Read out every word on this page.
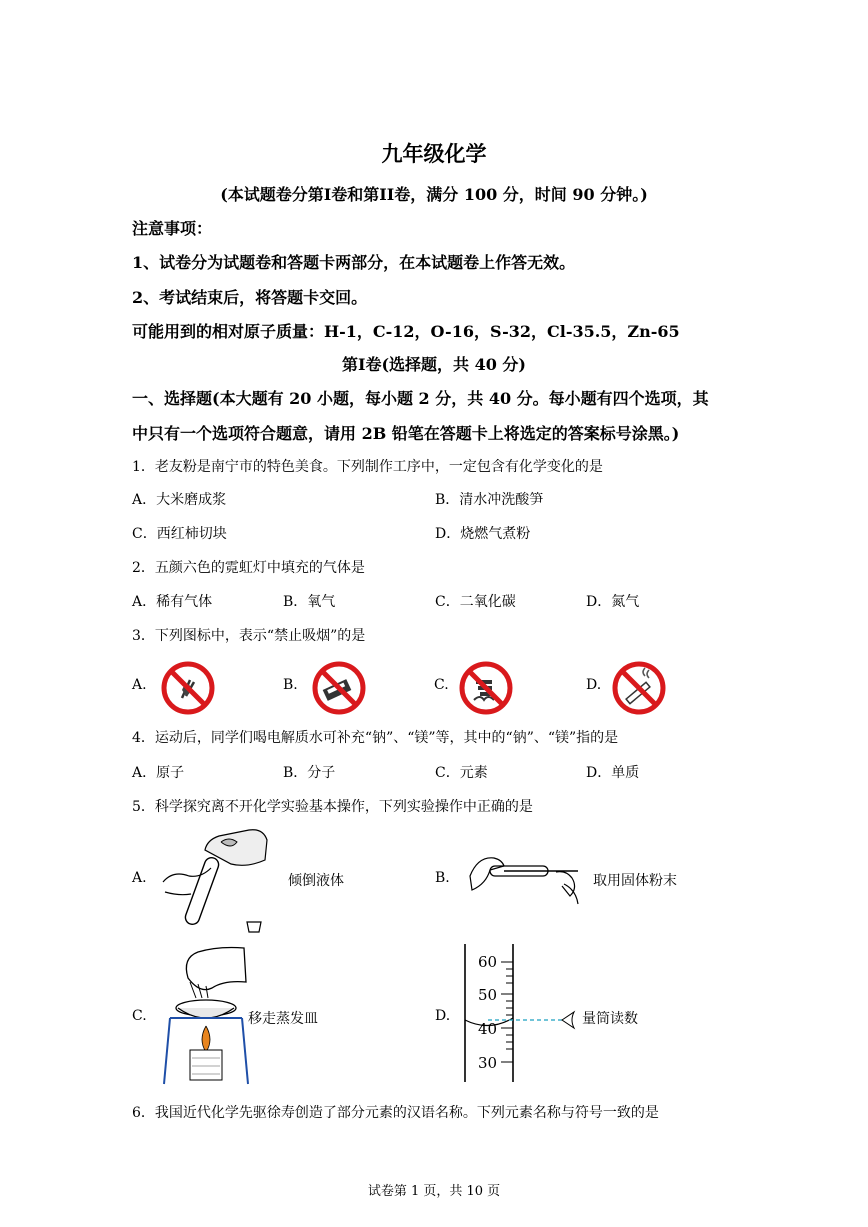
九年级化学
(本试题卷分第I卷和第II卷，满分 100 分，时间 90 分钟。)
注意事项：
1、试卷分为试题卷和答题卡两部分，在本试题卷上作答无效。
2、考试结束后，将答题卡交回。
可能用到的相对原子质量：H-1，C-12，O-16，S-32，Cl-35.5，Zn-65
第I卷(选择题，共 40 分)
一、选择题(本大题有 20 小题，每小题 2 分，共 40 分。每小题有四个选项，其
中只有一个选项符合题意，请用 2B 铅笔在答题卡上将选定的答案标号涂黑。)
1．老友粉是南宁市的特色美食。下列制作工序中，一定包含有化学变化的是
A．大米磨成浆	B．清水冲洗酸笋
C．西红柿切块	D．烧燃气煮粉
2．五颜六色的霓虹灯中填充的气体是
A．稀有气体	B．氧气	C．二氧化碳	D．氮气
3．下列图标中，表示“禁止吸烟”的是
A.	B.	C.	D.
4．运动后，同学们喝电解质水可补充“钠”、“镁”等，其中的“钠”、“镁”指的是
A．原子	B．分子	C．元素	D．单质
5．科学探究离不开化学实验基本操作，下列实验操作中正确的是
A.	倾倒液体	B.	取用固体粉末
C.	移走蒸发皿	D.
60
50
40
30
量筒读数
6．我国近代化学先驱徐寿创造了部分元素的汉语名称。下列元素名称与符号一致的是
试卷第 1 页，共 10 页
